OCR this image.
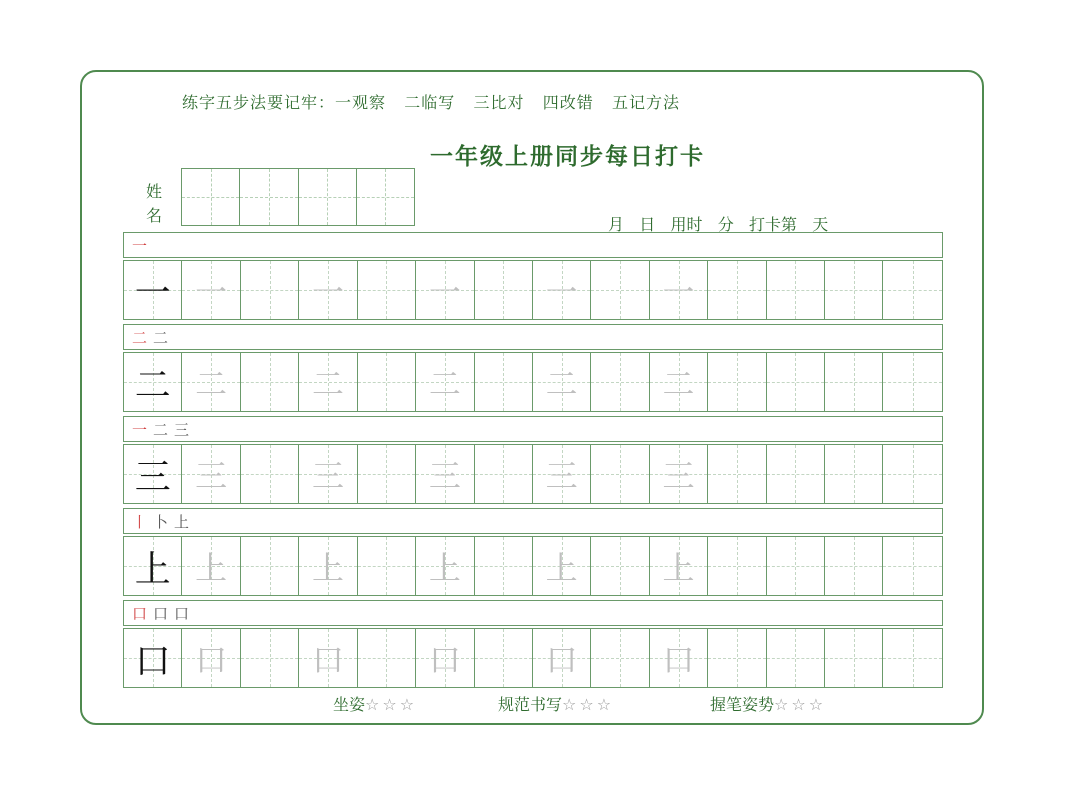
练字五步法要记牢：一观察   二临写   三比对   四改错   五记方法
一年级上册同步每日打卡
姓
名	月   日   用时   分   打卡第   天
一
一 一	一	一	一	一
二 二
二 二	二	二	二	二
一 二 三
三 三	三	三	三	三
丨 卜 上
上 上	上	上	上	上
口 口 口
口 口	口	口	口	口
坐姿☆☆☆	规范书写☆☆☆	握笔姿势☆☆☆
